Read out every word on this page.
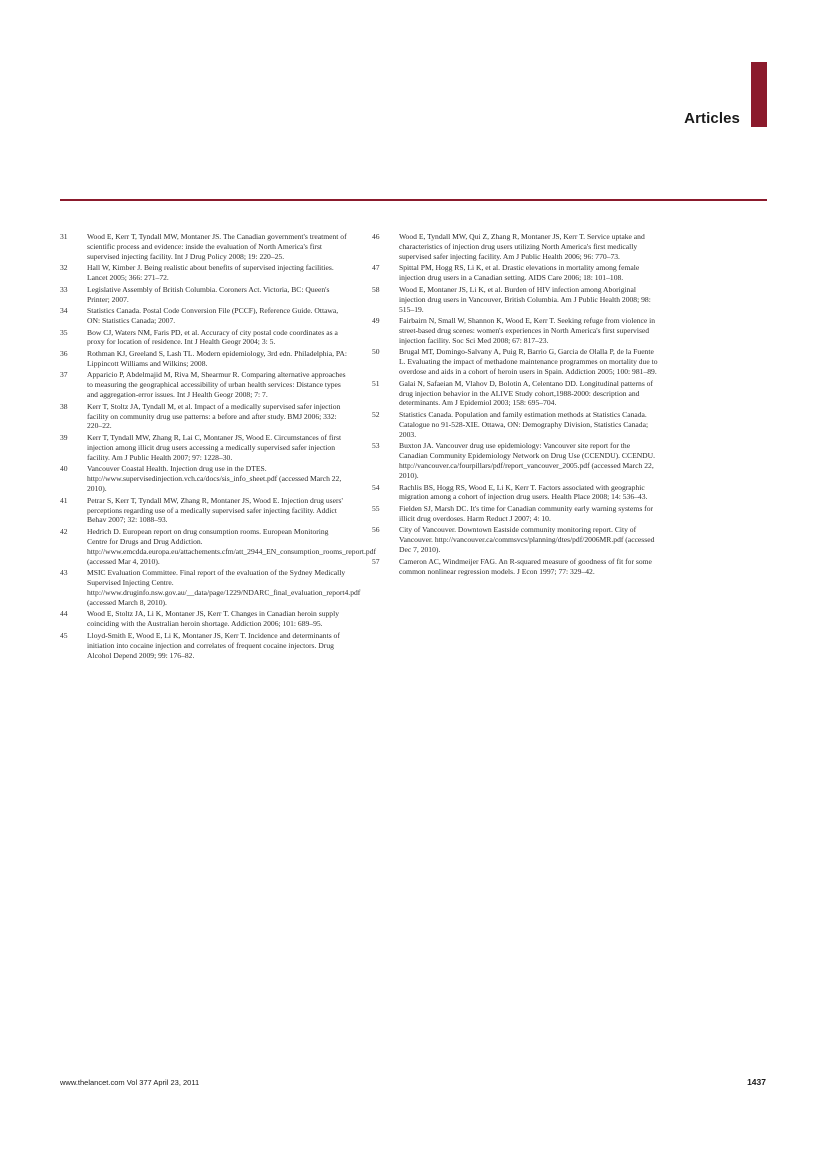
Articles
31	Wood E, Kerr T, Tyndall MW, Montaner JS. The Canadian government's treatment of scientific process and evidence: inside the evaluation of North America's first supervised injecting facility. Int J Drug Policy 2008; 19: 220–25.
32	Hall W, Kimber J. Being realistic about benefits of supervised injecting facilities. Lancet 2005; 366: 271–72.
33	Legislative Assembly of British Columbia. Coroners Act. Victoria, BC: Queen's Printer; 2007.
34	Statistics Canada. Postal Code Conversion File (PCCF), Reference Guide. Ottawa, ON: Statistics Canada; 2007.
35	Bow CJ, Waters NM, Faris PD, et al. Accuracy of city postal code coordinates as a proxy for location of residence. Int J Health Geogr 2004; 3: 5.
36	Rothman KJ, Greeland S, Lash TL. Modern epidemiology, 3rd edn. Philadelphia, PA: Lippincott Williams and Wilkins; 2008.
37	Apparicio P, Abdelmajid M, Riva M, Shearmur R. Comparing alternative approaches to measuring the geographical accessibility of urban health services: Distance types and aggregation-error issues. Int J Health Geogr 2008; 7: 7.
38	Kerr T, Stoltz JA, Tyndall M, et al. Impact of a medically supervised safer injection facility on community drug use patterns: a before and after study. BMJ 2006; 332: 220–22.
39	Kerr T, Tyndall MW, Zhang R, Lai C, Montaner JS, Wood E. Circumstances of first injection among illicit drug users accessing a medically supervised safer injection facility. Am J Public Health 2007; 97: 1228–30.
40	Vancouver Coastal Health. Injection drug use in the DTES. http://www.supervisedinjection.vch.ca/docs/sis_info_sheet.pdf (accessed March 22, 2010).
41	Petrar S, Kerr T, Tyndall MW, Zhang R, Montaner JS, Wood E. Injection drug users' perceptions regarding use of a medically supervised safer injecting facility. Addict Behav 2007; 32: 1088–93.
42	Hedrich D. European report on drug consumption rooms. European Monitoring Centre for Drugs and Drug Addiction. http://www.emcdda.europa.eu/attachements.cfm/att_2944_EN_consumption_rooms_report.pdf (accessed Mar 4, 2010).
43	MSIC Evaluation Committee. Final report of the evaluation of the Sydney Medically Supervised Injecting Centre. http://www.druginfo.nsw.gov.au/__data/page/1229/NDARC_final_evaluation_report4.pdf (accessed March 8, 2010).
44	Wood E, Stoltz JA, Li K, Montaner JS, Kerr T. Changes in Canadian heroin supply coinciding with the Australian heroin shortage. Addiction 2006; 101: 689–95.
45	Lloyd-Smith E, Wood E, Li K, Montaner JS, Kerr T. Incidence and determinants of initiation into cocaine injection and correlates of frequent cocaine injectors. Drug Alcohol Depend 2009; 99: 176–82.
46	Wood E, Tyndall MW, Qui Z, Zhang R, Montaner JS, Kerr T. Service uptake and characteristics of injection drug users utilizing North America's first medically supervised safer injecting facility. Am J Public Health 2006; 96: 770–73.
47	Spittal PM, Hogg RS, Li K, et al. Drastic elevations in mortality among female injection drug users in a Canadian setting. AIDS Care 2006; 18: 101–108.
58	Wood E, Montaner JS, Li K, et al. Burden of HIV infection among Aboriginal injection drug users in Vancouver, British Columbia. Am J Public Health 2008; 98: 515–19.
49	Fairbairn N, Small W, Shannon K, Wood E, Kerr T. Seeking refuge from violence in street-based drug scenes: women's experiences in North America's first supervised injection facility. Soc Sci Med 2008; 67: 817–23.
50	Brugal MT, Domingo-Salvany A, Puig R, Barrio G, Garcia de Olalla P, de la Fuente L. Evaluating the impact of methadone maintenance programmes on mortality due to overdose and aids in a cohort of heroin users in Spain. Addiction 2005; 100: 981–89.
51	Galai N, Safaeian M, Vlahov D, Bolotin A, Celentano DD. Longitudinal patterns of drug injection behavior in the ALIVE Study cohort,1988-2000: description and determinants. Am J Epidemiol 2003; 158: 695–704.
52	Statistics Canada. Population and family estimation methods at Statistics Canada. Catalogue no 91-528-XIE. Ottawa, ON: Demography Division, Statistics Canada; 2003.
53	Buxton JA. Vancouver drug use epidemiology: Vancouver site report for the Canadian Community Epidemiology Network on Drug Use (CCENDU). CCENDU. http://vancouver.ca/fourpillars/pdf/report_vancouver_2005.pdf (accessed March 22, 2010).
54	Rachlis BS, Hogg RS, Wood E, Li K, Kerr T. Factors associated with geographic migration among a cohort of injection drug users. Health Place 2008; 14: 536–43.
55	Fielden SJ, Marsh DC. It's time for Canadian community early warning systems for illicit drug overdoses. Harm Reduct J 2007; 4: 10.
56	City of Vancouver. Downtown Eastside community monitoring report. City of Vancouver. http://vancouver.ca/commsvcs/planning/dtes/pdf/2006MR.pdf (accessed Dec 7, 2010).
57	Cameron AC, Windmeijer FAG. An R-squared measure of goodness of fit for some common nonlinear regression models. J Econ 1997; 77: 329–42.
www.thelancet.com Vol 377 April 23, 2011	1437
